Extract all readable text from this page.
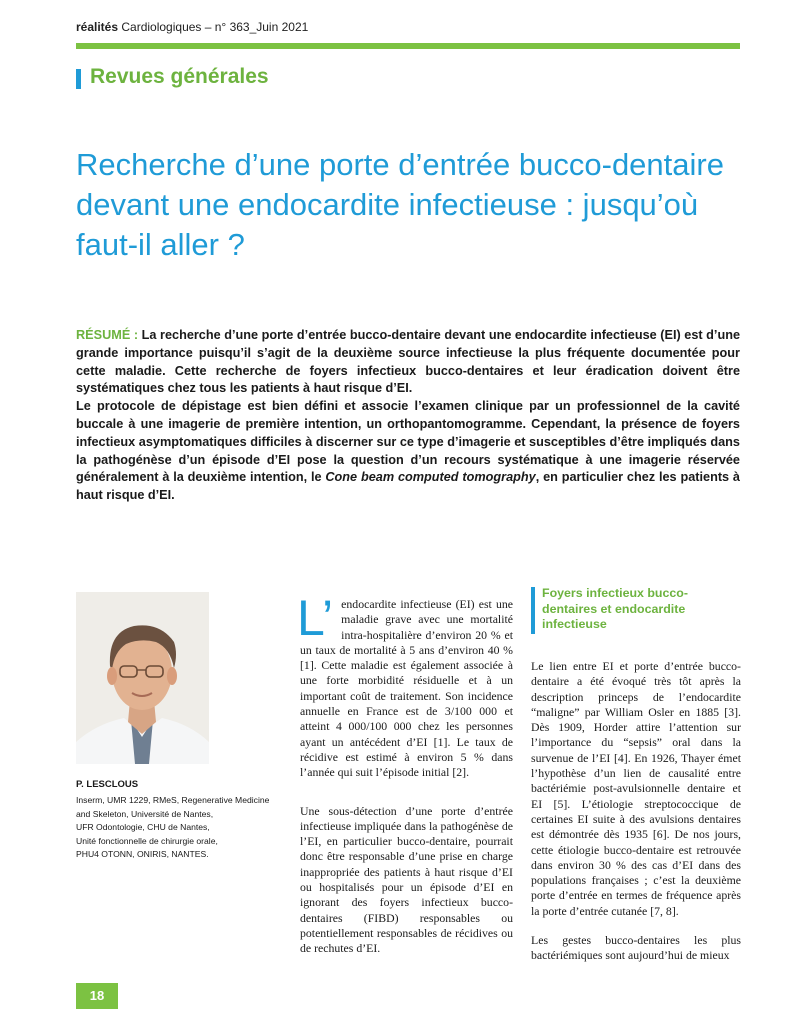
réalités Cardiologiques – n° 363_Juin 2021
Revues générales
Recherche d’une porte d’entrée bucco-dentaire devant une endocardite infectieuse : jusqu’où faut-il aller ?

RÉSUMÉ : La recherche d’une porte d’entrée bucco-dentaire devant une endocardite infectieuse (EI) est d’une grande importance puisqu’il s’agit de la deuxième source infectieuse la plus fréquente documentée pour cette maladie. Cette recherche de foyers infectieux bucco-dentaires et leur éradication doivent être systématiques chez tous les patients à haut risque d’EI.

Le protocole de dépistage est bien défini et associe l’examen clinique par un professionnel de la cavité buccale à une imagerie de première intention, un orthopantomogramme. Cependant, la présence de foyers infectieux asymptomatiques difficiles à discerner sur ce type d’imagerie et susceptibles d’être impliqués dans la pathogénèse d’un épisode d’EI pose la question d’un recours systématique à une imagerie réservée généralement à la deuxième intention, le Cone beam computed tomography, en particulier chez les patients à haut risque d’EI.

P. LESCLOUS
Inserm, UMR 1229, RMeS, Regenerative Medicine
and Skeleton, Université de Nantes,
UFR Odontologie, CHU de Nantes,
Unité fonctionnelle de chirurgie orale,
PHU4 OTONN, ONIRIS, NANTES.

L’ endocardite infectieuse (EI) est une maladie grave avec une mortalité intra-hospitalière d’environ 20 % et un taux de mortalité à 5 ans d’environ 40 % [1]. Cette maladie est également associée à une forte morbidité résiduelle et à un important coût de traitement. Son incidence annuelle en France est de 3/100 000 et atteint 4 000/100 000 chez les personnes ayant un antécédent d’EI [1]. Le taux de récidive est estimé à environ 5 % dans l’année qui suit l’épisode initial [2].

Une sous-détection d’une porte d’entrée infectieuse impliquée dans la pathogénèse de l’EI, en particulier bucco-dentaire, pourrait donc être responsable d’une prise en charge inappropriée des patients à haut risque d’EI ou hospitalisés pour un épisode d’EI en ignorant des foyers infectieux bucco-dentaires (FIBD) responsables ou potentiellement responsables de récidives ou de rechutes d’EI.

Foyers infectieux bucco-dentaires et endocardite infectieuse

Le lien entre EI et porte d’entrée bucco-dentaire a été évoqué très tôt après la description princeps de l’endocardite “maligne” par William Osler en 1885 [3]. Dès 1909, Horder attire l’attention sur l’importance du “sepsis” oral dans la survenue de l’EI [4]. En 1926, Thayer émet l’hypothèse d’un lien de causalité entre bactériémie post-avulsionnelle dentaire et EI [5]. L’étiologie streptococcique de certaines EI suite à des avulsions dentaires est démontrée dès 1935 [6]. De nos jours, cette étiologie bucco-dentaire est retrouvée dans environ 30 % des cas d’EI dans des populations françaises ; c’est la deuxième porte d’entrée en termes de fréquence après la porte d’entrée cutanée [7, 8].

Les gestes bucco-dentaires les plus bactériémiques sont aujourd’hui de mieux

18
